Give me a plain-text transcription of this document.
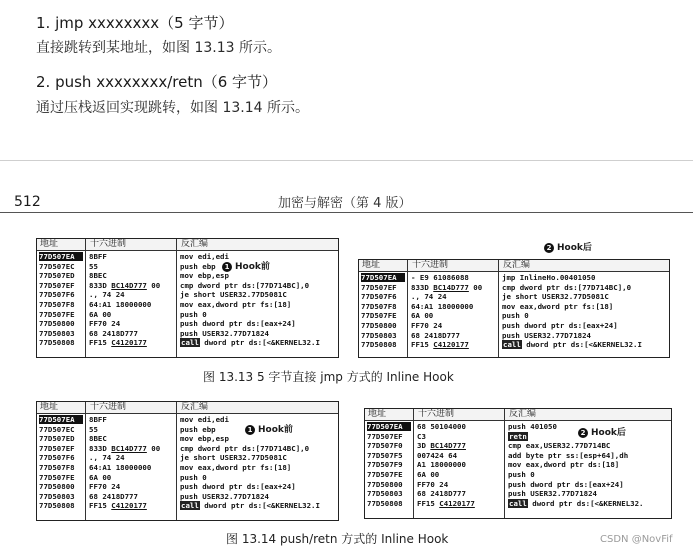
1. jmp xxxxxxxx（5 字节）
直接跳转到某地址，如图 13.13 所示。
2. push xxxxxxxx/retn（6 字节）
通过压栈返回实现跳转，如图 13.14 所示。
512	加密与解密（第 4 版）
地址	十六进制	反汇编
77D507EA	8BFF	mov edi,edi
77D507EC	55	push ebp
77D507ED	8BEC	mov ebp,esp
77D507EF	833D BC14D777 00	cmp dword ptr ds:[77D714BC],0
77D507F6	., 74 24	je short USER32.77D5081C
77D507F8	64:A1 18000000	mov eax,dword ptr fs:[18]
77D507FE	6A 00	push 0
77D50800	FF70 24	push dword ptr ds:[eax+24]
77D50803	68 2418D777	push USER32.77D71824
77D50808	FF15 C4120177	call dword ptr ds:[<&KERNEL32.I
1 Hook前
2 Hook后
地址	十六进制	反汇编
77D507EA	- E9 61086088	jmp InlineHo.00401050
77D507EF	833D BC14D777 00	cmp dword ptr ds:[77D714BC],0
77D507F6	., 74 24	je short USER32.77D5081C
77D507F8	64:A1 18000000	mov eax,dword ptr fs:[18]
77D507FE	6A 00	push 0
77D50800	FF70 24	push dword ptr ds:[eax+24]
77D50803	68 2418D777	push USER32.77D71824
77D50808	FF15 C4120177	call dword ptr ds:[<&KERNEL32.I
图 13.13 5 字节直接 jmp 方式的 Inline Hook
地址	十六进制	反汇编
77D507EA	8BFF	mov edi,edi
77D507EC	55	push ebp
77D507ED	8BEC	mov ebp,esp
77D507EF	833D BC14D777 00	cmp dword ptr ds:[77D714BC],0
77D507F6	., 74 24	je short USER32.77D5081C
77D507F8	64:A1 18000000	mov eax,dword ptr fs:[18]
77D507FE	6A 00	push 0
77D50800	FF70 24	push dword ptr ds:[eax+24]
77D50803	68 2418D777	push USER32.77D71824
77D50808	FF15 C4120177	call dword ptr ds:[<&KERNEL32.I
1 Hook前
地址	十六进制	反汇编
77D507EA	68 50104000	push 401050
77D507EF	C3	retn
77D507F0	3D BC14D777	cmp eax,USER32.77D714BC
77D507F5	007424 64	add byte ptr ss:[esp+64],dh
77D507F9	A1 18000000	mov eax,dword ptr ds:[18]
77D507FE	6A 00	push 0
77D50800	FF70 24	push dword ptr ds:[eax+24]
77D50803	68 2418D777	push USER32.77D71824
77D50808	FF15 C4120177	call dword ptr ds:[<&KERNEL32.
2 Hook后
图 13.14 push/retn 方式的 Inline Hook	CSDN @NovFif
